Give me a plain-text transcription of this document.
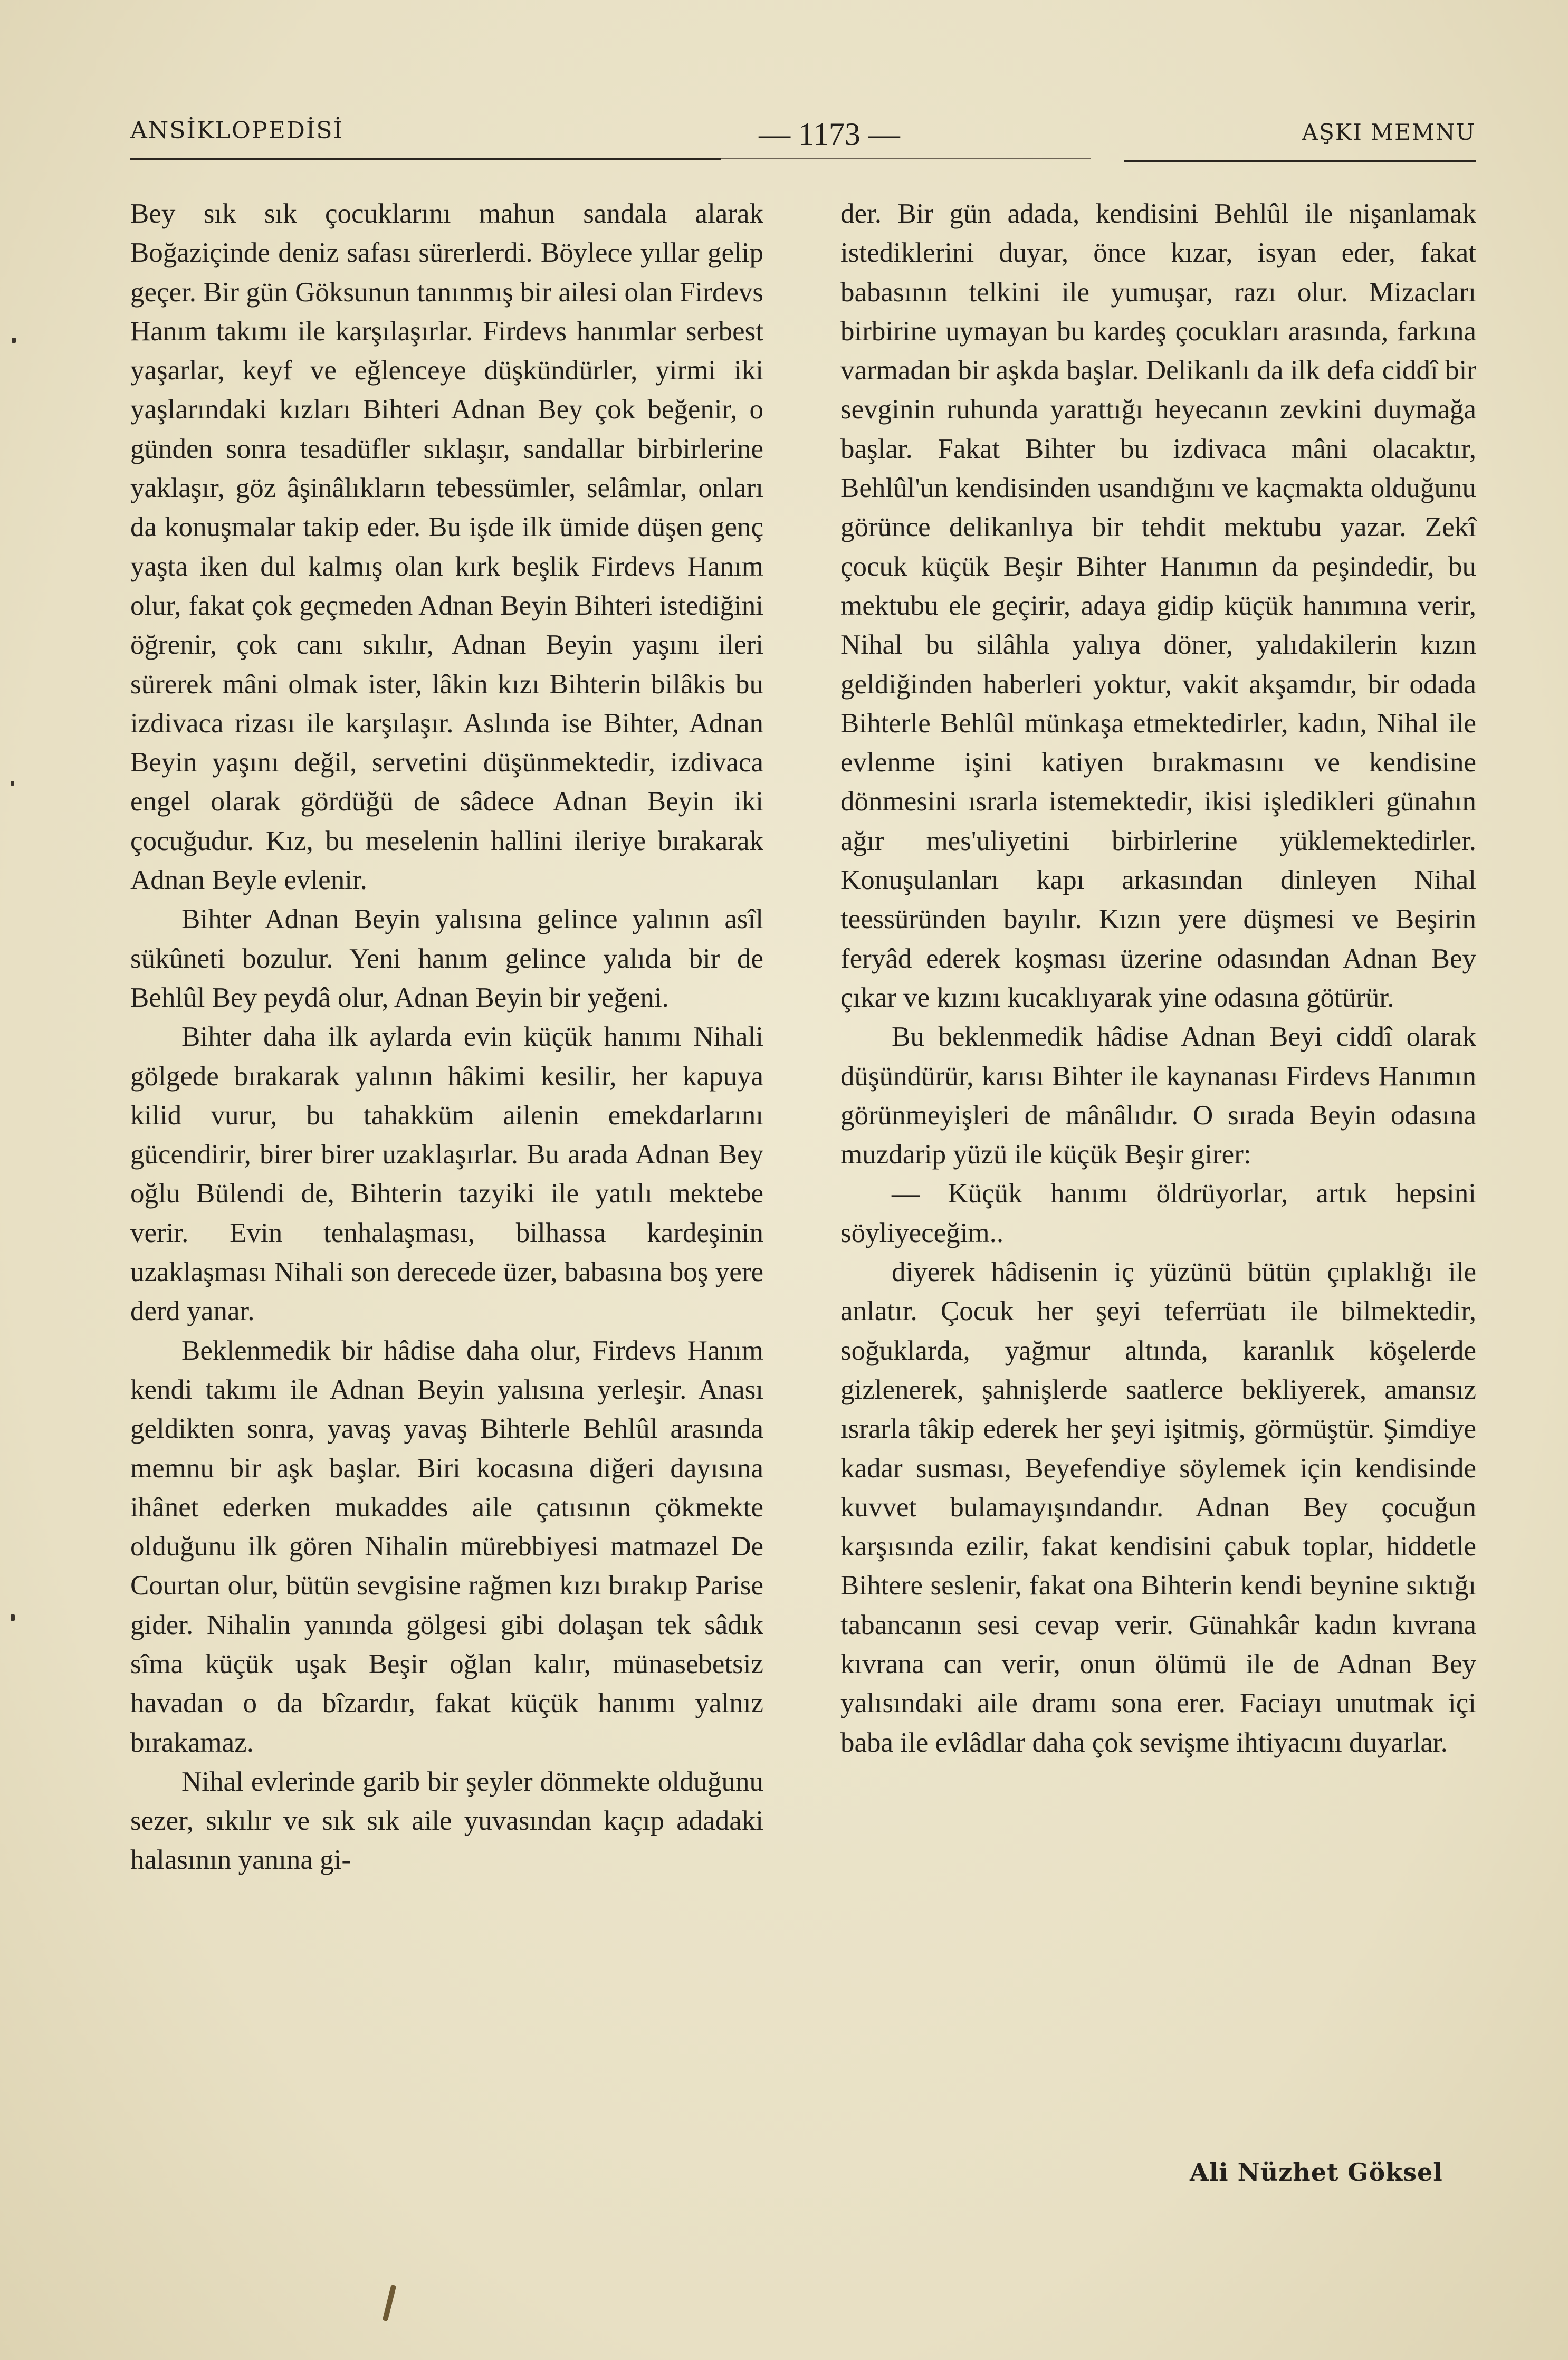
ANSİKLOPEDİSİ	— 1173 —	AŞKI MEMNU

Bey sık sık çocuklarını mahun sandala alarak Boğaziçinde deniz safası sürerlerdi. Böylece yıllar gelip geçer. Bir gün Göksunun tanınmış bir ailesi olan Firdevs Hanım takımı ile karşılaşırlar. Firdevs hanımlar serbest yaşarlar, keyf ve eğlenceye düşkündürler, yirmi iki yaşlarındaki kızları Bihteri Adnan Bey çok beğenir, o günden sonra tesadüfler sıklaşır, sandallar birbirlerine yaklaşır, göz âşinâlıkların tebessümler, selâmlar, onları da konuşmalar takip eder. Bu işde ilk ümide düşen genç yaşta iken dul kalmış olan kırk beşlik Firdevs Hanım olur, fakat çok geçmeden Adnan Beyin Bihteri istediğini öğrenir, çok canı sıkılır, Adnan Beyin yaşını ileri sürerek mâni olmak ister, lâkin kızı Bihterin bilâkis bu izdivaca rizası ile karşılaşır. Aslında ise Bihter, Adnan Beyin yaşını değil, servetini düşünmektedir, izdivaca engel olarak gördüğü de sâdece Adnan Beyin iki çocuğudur. Kız, bu meselenin hallini ileriye bırakarak Adnan Beyle evlenir.

Bihter Adnan Beyin yalısına gelince yalının asîl sükûneti bozulur. Yeni hanım gelince yalıda bir de Behlûl Bey peydâ olur, Adnan Beyin bir yeğeni.

Bihter daha ilk aylarda evin küçük hanımı Nihali gölgede bırakarak yalının hâkimi kesilir, her kapuya kilid vurur, bu tahakküm ailenin emekdarlarını gücendirir, birer birer uzaklaşırlar. Bu arada Adnan Bey oğlu Bülendi de, Bihterin tazyiki ile yatılı mektebe verir. Evin tenhalaşması, bilhassa kardeşinin uzaklaşması Nihali son derecede üzer, babasına boş yere derd yanar.

Beklenmedik bir hâdise daha olur, Firdevs Hanım kendi takımı ile Adnan Beyin yalısına yerleşir. Anası geldikten sonra, yavaş yavaş Bihterle Behlûl arasında memnu bir aşk başlar. Biri kocasına diğeri dayısına ihânet ederken mukaddes aile çatısının çökmekte olduğunu ilk gören Nihalin mürebbiyesi matmazel De Courtan olur, bütün sevgisine rağmen kızı bırakıp Parise gider. Nihalin yanında gölgesi gibi dolaşan tek sâdık sîma küçük uşak Beşir oğlan kalır, münasebetsiz havadan o da bîzardır, fakat küçük hanımı yalnız bırakamaz.

Nihal evlerinde garib bir şeyler dönmekte olduğunu sezer, sıkılır ve sık sık aile yuvasından kaçıp adadaki halasının yanına gi-

der. Bir gün adada, kendisini Behlûl ile nişanlamak istediklerini duyar, önce kızar, isyan eder, fakat babasının telkini ile yumuşar, razı olur. Mizacları birbirine uymayan bu kardeş çocukları arasında, farkına varmadan bir aşkda başlar. Delikanlı da ilk defa ciddî bir sevginin ruhunda yarattığı heyecanın zevkini duymağa başlar. Fakat Bihter bu izdivaca mâni olacaktır, Behlûl'un kendisinden usandığını ve kaçmakta olduğunu görünce delikanlıya bir tehdit mektubu yazar. Zekî çocuk küçük Beşir Bihter Hanımın da peşindedir, bu mektubu ele geçirir, adaya gidip küçük hanımına verir, Nihal bu silâhla yalıya döner, yalıdakilerin kızın geldiğinden haberleri yoktur, vakit akşamdır, bir odada Bihterle Behlûl münkaşa etmektedirler, kadın, Nihal ile evlenme işini katiyen bırakmasını ve kendisine dönmesini ısrarla istemektedir, ikisi işledikleri günahın ağır mes'uliyetini birbirlerine yüklemektedirler. Konuşulanları kapı arkasından dinleyen Nihal teessüründen bayılır. Kızın yere düşmesi ve Beşirin feryâd ederek koşması üzerine odasından Adnan Bey çıkar ve kızını kucaklıyarak yine odasına götürür.

Bu beklenmedik hâdise Adnan Beyi ciddî olarak düşündürür, karısı Bihter ile kaynanası Firdevs Hanımın görünmeyişleri de mânâlıdır. O sırada Beyin odasına muzdarip yüzü ile küçük Beşir girer:

— Küçük hanımı öldrüyorlar, artık hepsini söyliyeceğim..

diyerek hâdisenin iç yüzünü bütün çıplaklığı ile anlatır. Çocuk her şeyi teferrüatı ile bilmektedir, soğuklarda, yağmur altında, karanlık köşelerde gizlenerek, şahnişlerde saatlerce bekliyerek, amansız ısrarla tâkip ederek her şeyi işitmiş, görmüştür. Şimdiye kadar susması, Beyefendiye söylemek için kendisinde kuvvet bulamayışındandır. Adnan Bey çocuğun karşısında ezilir, fakat kendisini çabuk toplar, hiddetle Bihtere seslenir, fakat ona Bihterin kendi beynine sıktığı tabancanın sesi cevap verir. Günahkâr kadın kıvrana kıvrana can verir, onun ölümü ile de Adnan Bey yalısındaki aile dramı sona erer. Faciayı unutmak içi baba ile evlâdlar daha çok sevişme ihtiyacını duyarlar.

Ali Nüzhet Göksel
